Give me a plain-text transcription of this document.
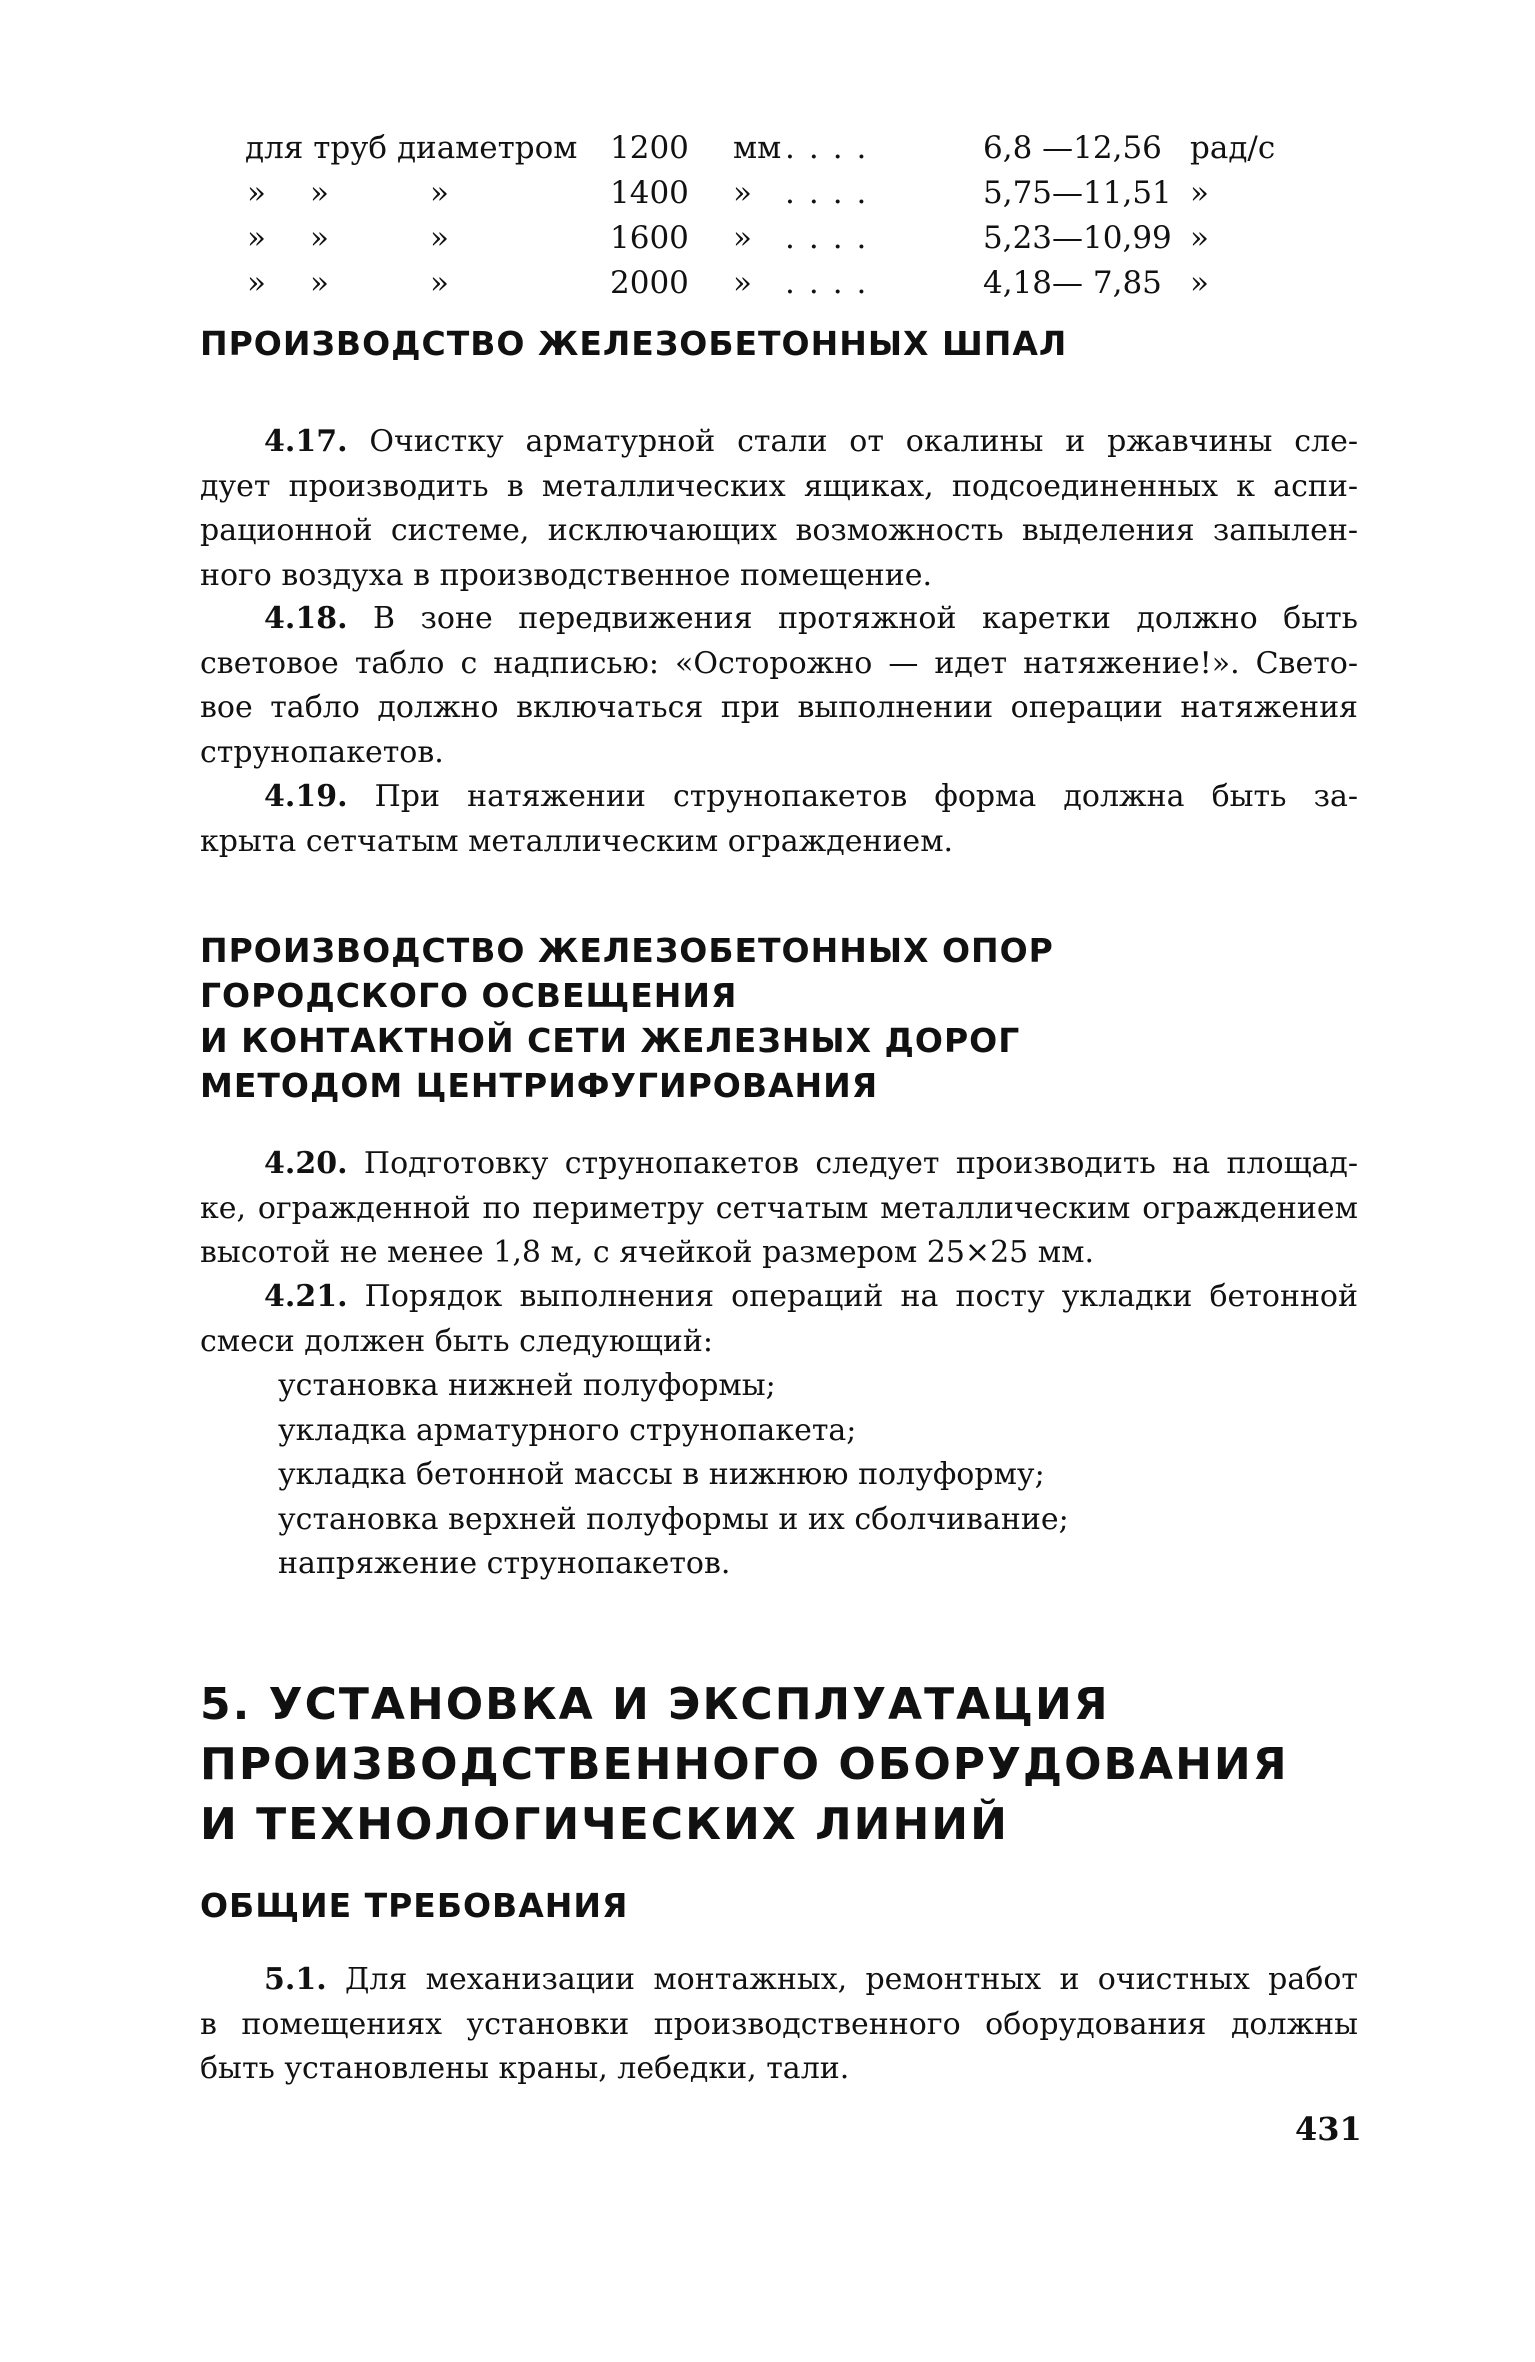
для труб диаметром 1200 мм ....	6,8 —12,56 рад/с
» »	»	1400 » ....	5,75—11,51 »
» »	»	1600 » ....	5,23—10,99 »
» »	»	2000 » ....	4,18— 7,85 »
ПРОИЗВОДСТВО ЖЕЛЕЗОБЕТОННЫХ ШПАЛ
4.17. Очистку арматурной стали от окалины и ржавчины сле-
дует производить в металлических ящиках, подсоединенных к аспи-
рационной системе, исключающих возможность выделения запылен-
ного воздуха в производственное помещение.
4.18. В зоне передвижения протяжной каретки должно быть
световое табло с надписью: «Осторожно — идет натяжение!». Свето-
вое табло должно включаться при выполнении операции натяжения
струнопакетов.
4.19. При натяжении струнопакетов форма должна быть за-
крыта сетчатым металлическим ограждением.
ПРОИЗВОДСТВО ЖЕЛЕЗОБЕТОННЫХ ОПОР
ГОРОДСКОГО ОСВЕЩЕНИЯ
И КОНТАКТНОЙ СЕТИ ЖЕЛЕЗНЫХ ДОРОГ
МЕТОДОМ ЦЕНТРИФУГИРОВАНИЯ
4.20. Подготовку струнопакетов следует производить на площад-
ке, огражденной по периметру сетчатым металлическим ограждением
высотой не менее 1,8 м, с ячейкой размером 25×25 мм.
4.21. Порядок выполнения операций на посту укладки бетонной
смеси должен быть следующий:
установка нижней полуформы;
укладка арматурного струнопакета;
укладка бетонной массы в нижнюю полуформу;
установка верхней полуформы и их сболчивание;
напряжение струнопакетов.
5. УСТАНОВКА И ЭКСПЛУАТАЦИЯ
ПРОИЗВОДСТВЕННОГО ОБОРУДОВАНИЯ
И ТЕХНОЛОГИЧЕСКИХ ЛИНИЙ
ОБЩИЕ ТРЕБОВАНИЯ
5.1. Для механизации монтажных, ремонтных и очистных работ
в помещениях установки производственного оборудования должны
быть установлены краны, лебедки, тали.
431
